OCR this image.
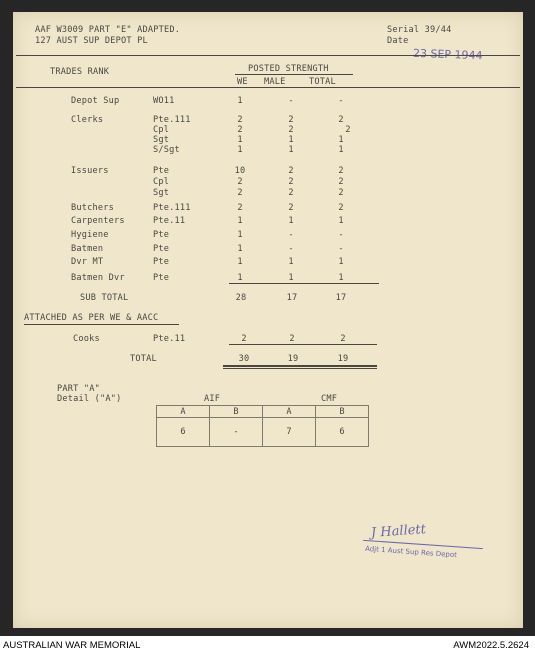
AAF W3009 PART "E" ADAPTED.
127 AUST SUP DEPOT PL
Serial 39/44
Date
23 SEP 1944
TRADES RANK	POSTED STRENGTH
WE MALE	TOTAL
Depot Sup	WO11	1	-	-
Clerks	Pte.111	2	2	2
Cpl	2	2	2
Sgt	1	1	1
S/Sgt	1	1	1
Issuers	Pte	10	2	2
Cpl	2	2	2
Sgt	2	2	2
Butchers	Pte.111	2	2	2
Carpenters	Pte.11	1	1	1
Hygiene	Pte	1	-	-
Batmen	Pte	1	-	-
Dvr MT	Pte	1	1	1
Batmen Dvr	Pte	1	1	1
SUB TOTAL	28	17	17
ATTACHED AS PER WE & AACC
Cooks	Pte.11	2	2	2
TOTAL	30	19	19
PART "A"
Detail ("A")	AIF	CMF
A	B	A	B
6	-	7	6
J Hallett
Adjt 1 Aust Sup Res Depot
AUSTRALIAN WAR MEMORIAL	AWM2022.5.2624
